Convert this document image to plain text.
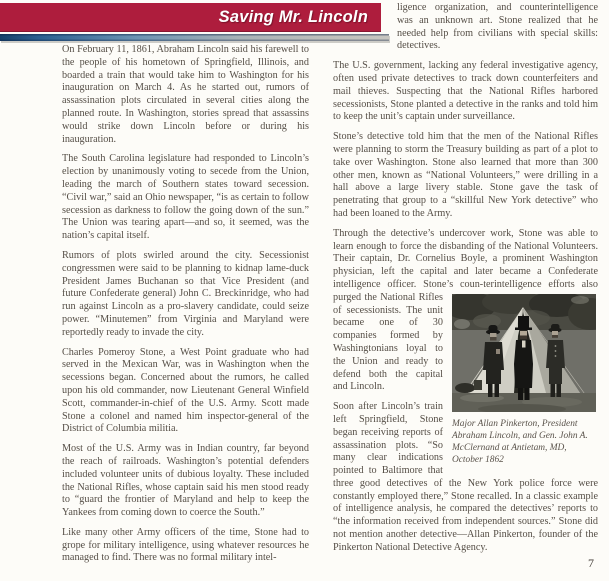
Saving Mr. Lincoln

On February 11, 1861, Abraham Lincoln said his farewell to the people of his hometown of Springfield, Illinois, and boarded a train that would take him to Washington for his inauguration on March 4. As he started out, rumors of assassination plots circulated in several cities along the planned route. In Washington, stories spread that assassins would strike down Lincoln before or during his inauguration.

The South Carolina legislature had responded to Lincoln’s election by unanimously voting to secede from the Union, leading the march of Southern states toward secession. “Civil war,” said an Ohio newspaper, “is as certain to follow secession as darkness to follow the going down of the sun.” The Union was tearing apart—and so, it seemed, was the nation’s capital itself.

Rumors of plots swirled around the city. Secessionist congressmen were said to be planning to kidnap lame-duck President James Buchanan so that Vice President (and future Confederate general) John C. Breckinridge, who had run against Lincoln as a pro-slavery candidate, could seize power. “Minutemen” from Virginia and Maryland were reportedly ready to invade the city.

Charles Pomeroy Stone, a West Point graduate who had served in the Mexican War, was in Washington when the secessions began. Concerned about the rumors, he called upon his old commander, now Lieutenant General Winfield Scott, commander-in-chief of the U.S. Army. Scott made Stone a colonel and named him inspector-general of the District of Columbia militia.

Most of the U.S. Army was in Indian country, far beyond the reach of railroads. Washington’s potential defenders included volunteer units of dubious loyalty. These included the National Rifles, whose captain said his men stood ready to “guard the frontier of Maryland and help to keep the Yankees from coming down to coerce the South.”

Like many other Army officers of the time, Stone had to grope for military intelligence, using whatever resources he managed to find. There was no formal military intel-

ligence organization, and counterintelligence was an unknown art. Stone realized that he needed help from civilians with special skills: detectives.

The U.S. government, lacking any federal investigative agency, often used private detectives to track down counterfeiters and mail thieves. Suspecting that the National Rifles harbored secessionists, Stone planted a detective in the ranks and told him to keep the unit’s captain under surveillance.

Stone’s detective told him that the men of the National Rifles were planning to storm the Treasury building as part of a plot to take over Washington. Stone also learned that more than 300 other men, known as “National Volunteers,” were drilling in a hall above a large livery stable. Stone gave the task of penetrating that group to a “skillful New York detective” who had been loaned to the Army.

Through the detective’s undercover work, Stone was able to learn enough to force the disbanding of the National Volunteers. Their captain, Dr. Cornelius Boyle, a prominent Washington physician, left the capital and later became a Confederate intelligence officer. Stone’s coun-
Major Allan Pinkerton, President Abraham Lincoln, and Gen. John A. McClernand at Antietam, MD, October 1862
terintelligence efforts also purged the National Rifles of secessionists. The unit became one of 30 companies formed by Washingtonians loyal to the Union and ready to defend both the capital and Lincoln.

Soon after Lincoln’s train left Springfield, Stone began receiving reports of assassination plots. “So many clear indications pointed to Baltimore that three good detectives of the New York police force were constantly employed there,” Stone recalled. In a classic example of intelligence analysis, he compared the detectives’ reports to “the information received from independent sources.” Stone did not mention another detective—Allan Pinkerton, founder of the Pinkerton National Detective Agency.

7
